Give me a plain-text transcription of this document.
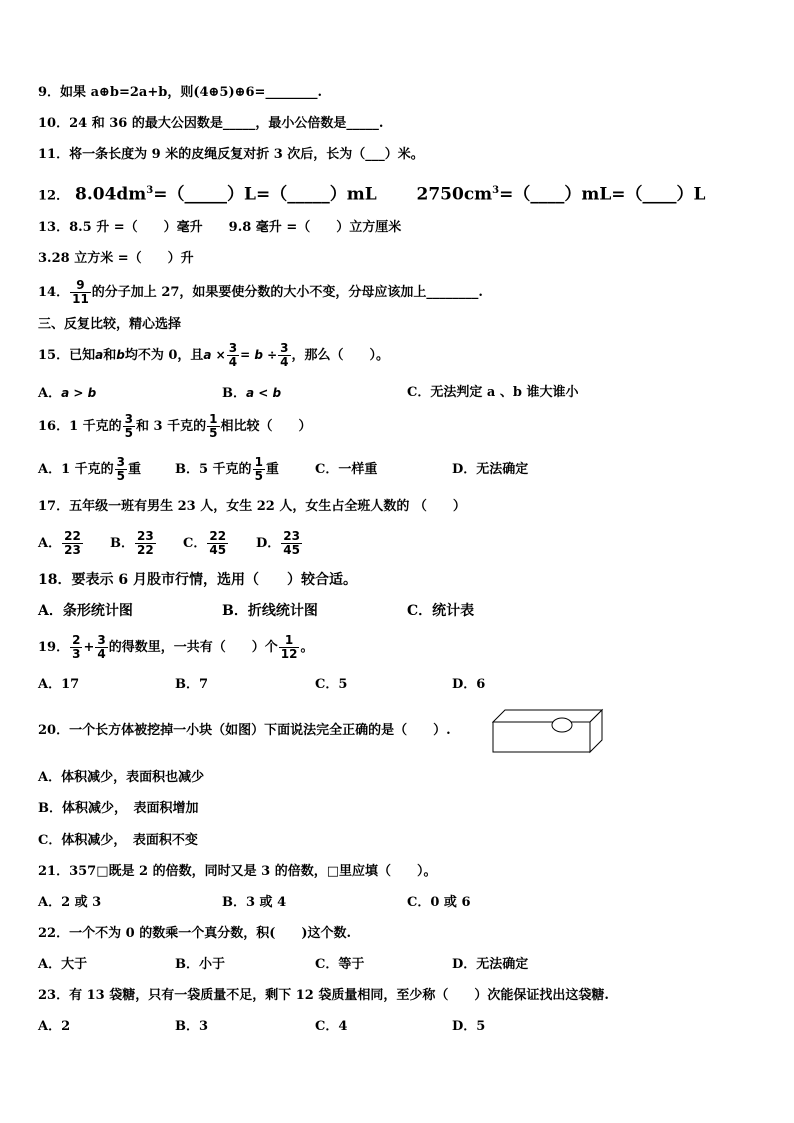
9．如果 a⊕b=2a+b，则(4⊕5)⊕6=________.
10．24 和 36 的最大公因数是_____，最小公倍数是_____.
11．将一条长度为 9 米的皮绳反复对折 3 次后，长为（___）米。
12． $8.04dm^3=(\_\_\_\_\_)L=(\_\_\_\_\_)mL$ $2750cm^3=(\_\_\_\_)mL=(\_\_\_\_)L$
13．8.5 升 =（　　）毫升　　9.8 毫升 =（　　）立方厘米
3.28 立方米 =（　　）升
14． $\frac{9}{11}$ 的分子加上 27，如果要使分数的大小不变，分母应该加上________.
三、反复比较，精心选择
15．已知a和b均不为 0，且$a \times \frac{3}{4} = b \div \frac{3}{4}$ ，那么（　　）。
A．a > b	B．a < b	C．无法判定 a 、b 谁大谁小
16．1 千克的 $\frac{3}{5}$ 和 3 千克的 $\frac{1}{5}$ 相比较（　　）
A．1 千克的 $\frac{3}{5}$ 重	B．5 千克的 $\frac{1}{5}$ 重	C．一样重	D．无法确定
17．五年级一班有男生 23 人，女生 22 人，女生占全班人数的 （　　）
A． $\frac{22}{23}$ B． $\frac{23}{22}$ C． $\frac{22}{45}$ D． $\frac{23}{45}$
18．要表示 6 月股市行情，选用（　　）较合适。
A．条形统计图	B．折线统计图	C．统计表
19． $\frac{2}{3} + \frac{3}{4}$ 的得数里，一共有（　　）个 $\frac{1}{12}$ 。
A．17	B．7	C．5	D．6
20．一个长方体被挖掉一小块（如图）下面说法完全正确的是（　　）.
A．体积减少，表面积也减少
B．体积减少，　表面积增加
C．体积减少，　表面积不变
21．357□既是 2 的倍数，同时又是 3 的倍数，□里应填（　　）。
A．2 或 3	B．3 或 4	C．0 或 6
22．一个不为 0 的数乘一个真分数，积(　　)这个数.
A．大于	B．小于	C．等于	D．无法确定
23．有 13 袋糖，只有一袋质量不足，剩下 12 袋质量相同，至少称（　　）次能保证找出这袋糖.
A．2	B．3	C．4	D．5
